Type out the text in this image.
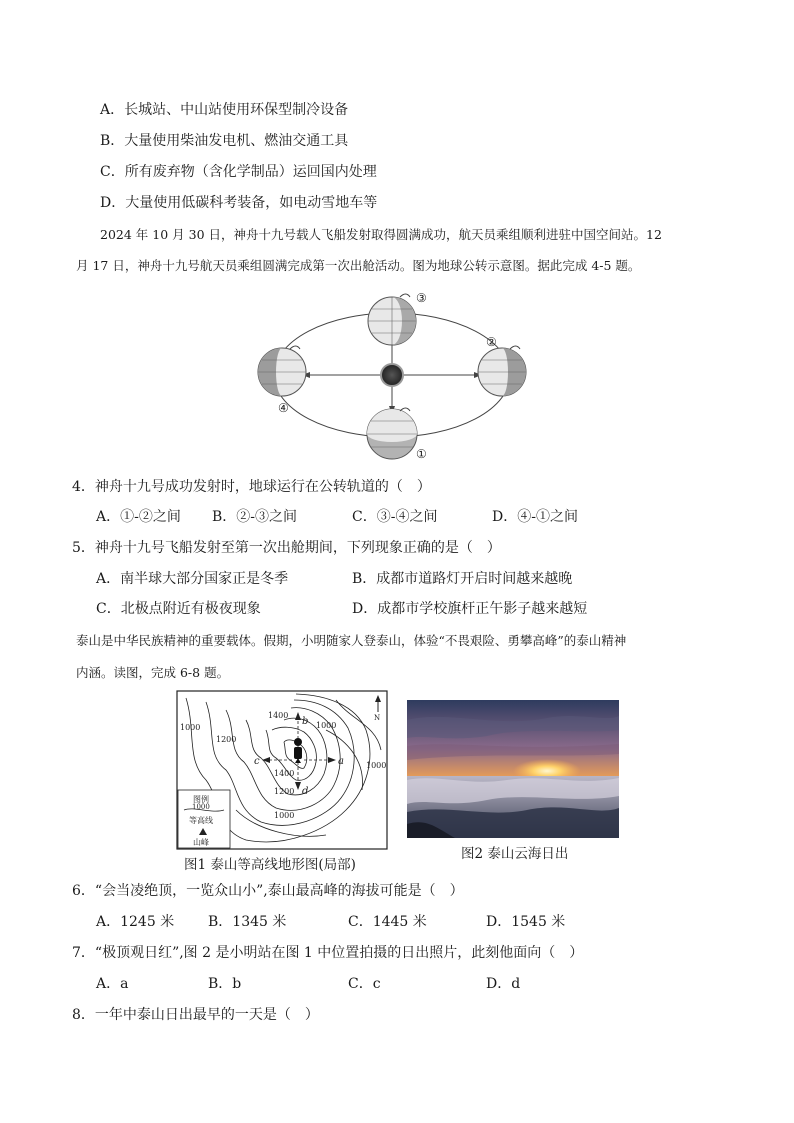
A．长城站、中山站使用环保型制冷设备
B．大量使用柴油发电机、燃油交通工具
C．所有废弃物（含化学制品）运回国内处理
D．大量使用低碳科考装备，如电动雪地车等
2024 年 10 月 30 日，神舟十九号载人飞船发射取得圆满成功，航天员乘组顺利进驻中国空间站。12
月 17 日，神舟十九号航天员乘组圆满完成第一次出舱活动。图为地球公转示意图。据此完成 4-5 题。
③
②
④
①
4．神舟十九号成功发射时，地球运行在公转轨道的（　）
A．①-②之间 B．②-③之间	C．③-④之间	D．④-①之间
5．神舟十九号飞船发射至第一次出舱期间，下列现象正确的是（　）
A．南半球大部分国家正是冬季	B．成都市道路灯开启时间越来越晚
C．北极点附近有极夜现象	D．成都市学校旗杆正午影子越来越短
泰山是中华民族精神的重要载体。假期，小明随家人登泰山，体验“不畏艰险、勇攀高峰”的泰山精神
内涵。读图，完成 6-8 题。
1400
1200
1000
1000
1000
1400
1200
1000
b
c	a
d
N
图例
1000
等高线
山峰
图1 泰山等高线地形图(局部)
图2 泰山云海日出
6．“会当凌绝顶，一览众山小”,泰山最高峰的海拔可能是（　）
A．1245 米 B．1345 米	C．1445 米	D．1545 米
7．“极顶观日红”,图 2 是小明站在图 1 中位置拍摄的日出照片，此刻他面向（　）
A．a	B．b	C．c	D．d
8．一年中泰山日出最早的一天是（　）
